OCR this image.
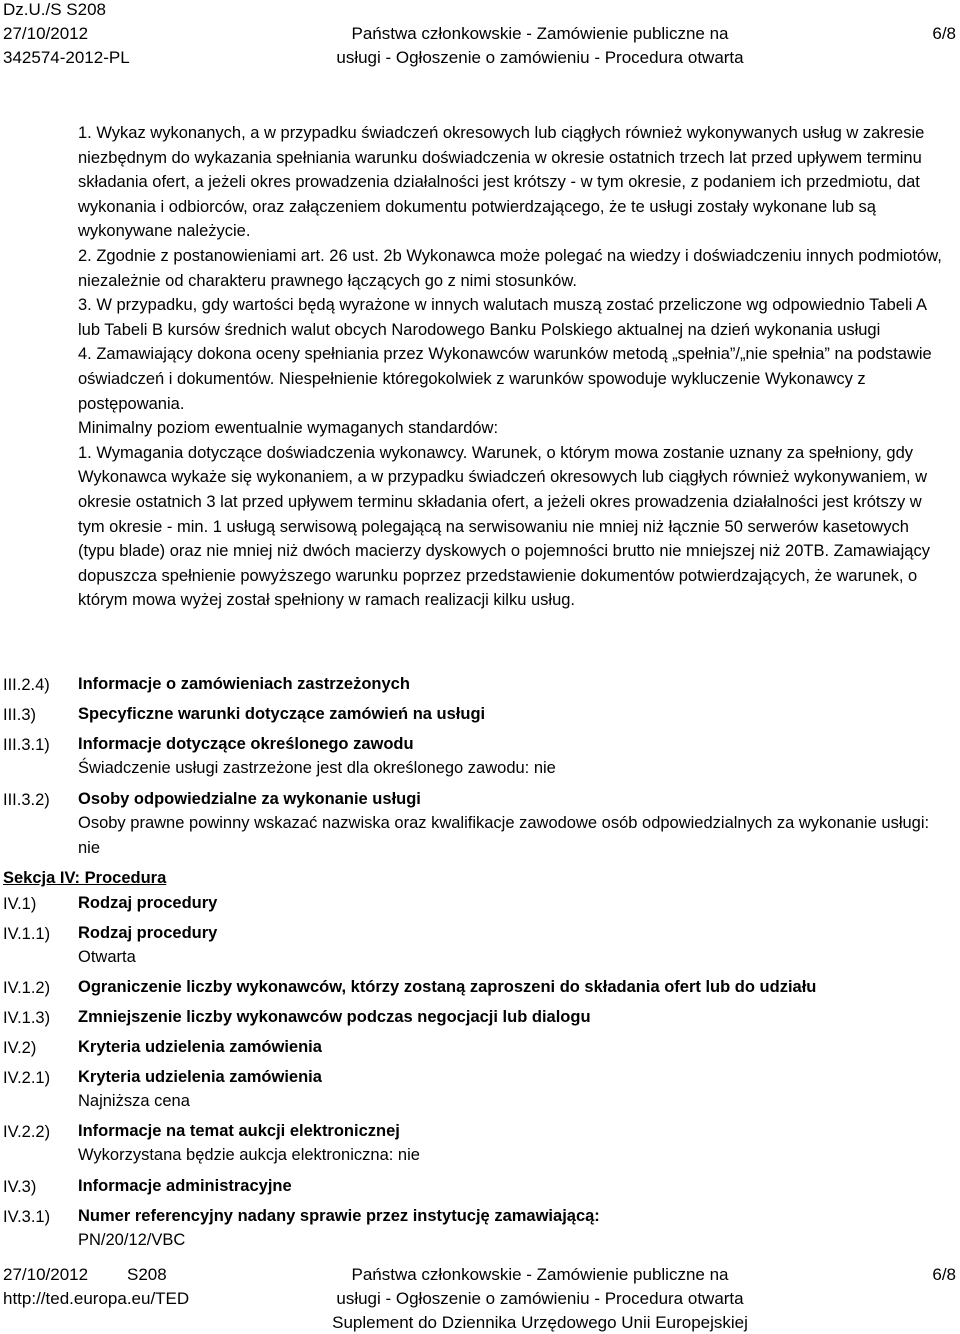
Dz.U./S S208
27/10/2012
342574-2012-PL
Państwa członkowskie - Zamówienie publiczne na
usługi - Ogłoszenie o zamówieniu - Procedura otwarta
6/8

1. Wykaz wykonanych, a w przypadku świadczeń okresowych lub ciągłych również wykonywanych usług w zakresie niezbędnym do wykazania spełniania warunku doświadczenia w okresie ostatnich trzech lat przed upływem terminu składania ofert, a jeżeli okres prowadzenia działalności jest krótszy - w tym okresie, z podaniem ich przedmiotu, dat wykonania i odbiorców, oraz załączeniem dokumentu potwierdzającego, że te usługi zostały wykonane lub są wykonywane należycie.

2. Zgodnie z postanowieniami art. 26 ust. 2b Wykonawca może polegać na wiedzy i doświadczeniu innych podmiotów, niezależnie od charakteru prawnego łączących go z nimi stosunków.

3. W przypadku, gdy wartości będą wyrażone w innych walutach muszą zostać przeliczone wg odpowiednio Tabeli A lub Tabeli B kursów średnich walut obcych Narodowego Banku Polskiego aktualnej na dzień wykonania usługi

4. Zamawiający dokona oceny spełniania przez Wykonawców warunków metodą „spełnia”/„nie spełnia” na podstawie oświadczeń i dokumentów. Niespełnienie któregokolwiek z warunków spowoduje wykluczenie Wykonawcy z postępowania.

Minimalny poziom ewentualnie wymaganych standardów:

1. Wymagania dotyczące doświadczenia wykonawcy. Warunek, o którym mowa zostanie uznany za spełniony, gdy Wykonawca wykaże się wykonaniem, a w przypadku świadczeń okresowych lub ciągłych również wykonywaniem, w okresie ostatnich 3 lat przed upływem terminu składania ofert, a jeżeli okres prowadzenia działalności jest krótszy w tym okresie - min. 1 usługą serwisową polegającą na serwisowaniu nie mniej niż łącznie 50 serwerów kasetowych (typu blade) oraz nie mniej niż dwóch macierzy dyskowych o pojemności brutto nie mniejszej niż 20TB. Zamawiający dopuszcza spełnienie powyższego warunku poprzez przedstawienie dokumentów potwierdzających, że warunek, o którym mowa wyżej został spełniony w ramach realizacji kilku usług.

III.2.4) Informacje o zamówieniach zastrzeżonych
III.3)	Specyficzne warunki dotyczące zamówień na usługi
III.3.1) Informacje dotyczące określonego zawodu
Świadczenie usługi zastrzeżone jest dla określonego zawodu: nie
III.3.2) Osoby odpowiedzialne za wykonanie usługi
Osoby prawne powinny wskazać nazwiska oraz kwalifikacje zawodowe osób odpowiedzialnych za wykonanie usługi: nie
Sekcja IV: Procedura
IV.1)	Rodzaj procedury
IV.1.1) Rodzaj procedury
Otwarta
IV.1.2) Ograniczenie liczby wykonawców, którzy zostaną zaproszeni do składania ofert lub do udziału
IV.1.3) Zmniejszenie liczby wykonawców podczas negocjacji lub dialogu
IV.2)	Kryteria udzielenia zamówienia
IV.2.1) Kryteria udzielenia zamówienia
Najniższa cena
IV.2.2) Informacje na temat aukcji elektronicznej
Wykorzystana będzie aukcja elektroniczna: nie
IV.3)	Informacje administracyjne
IV.3.1) Numer referencyjny nadany sprawie przez instytucję zamawiającą:
PN/20/12/VBC
27/10/2012 S208
http://ted.europa.eu/TED
Państwa członkowskie - Zamówienie publiczne na
usługi - Ogłoszenie o zamówieniu - Procedura otwarta
Suplement do Dziennika Urzędowego Unii Europejskiej
6/8
